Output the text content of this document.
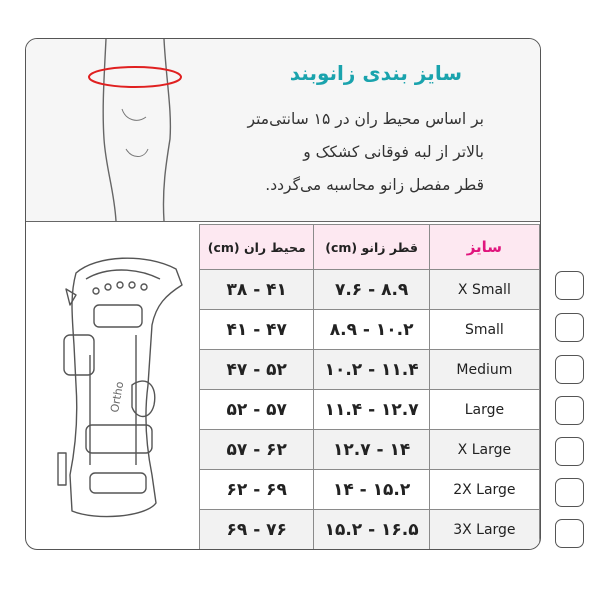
سایز بندی زانوبند
بر اساس محیط ران در ۱۵ سانتی‌متر
بالاتر از لبه فوقانی کشکک و
قطر مفصل زانو محاسبه می‌گردد.
Ortho
محیط ران (cm)	قطر زانو (cm)	سایز
۳۸ - ۴۱	۷.۶ - ۸.۹	X Small
۴۱ - ۴۷	۸.۹ - ۱۰.۲	Small
۴۷ - ۵۲	۱۰.۲ - ۱۱.۴	Medium
۵۲ - ۵۷	۱۱.۴ - ۱۲.۷	Large
۵۷ - ۶۲	۱۲.۷ - ۱۴	X Large
۶۲ - ۶۹	۱۴ - ۱۵.۲	2X Large
۶۹ - ۷۶	۱۵.۲ - ۱۶.۵	3X Large
